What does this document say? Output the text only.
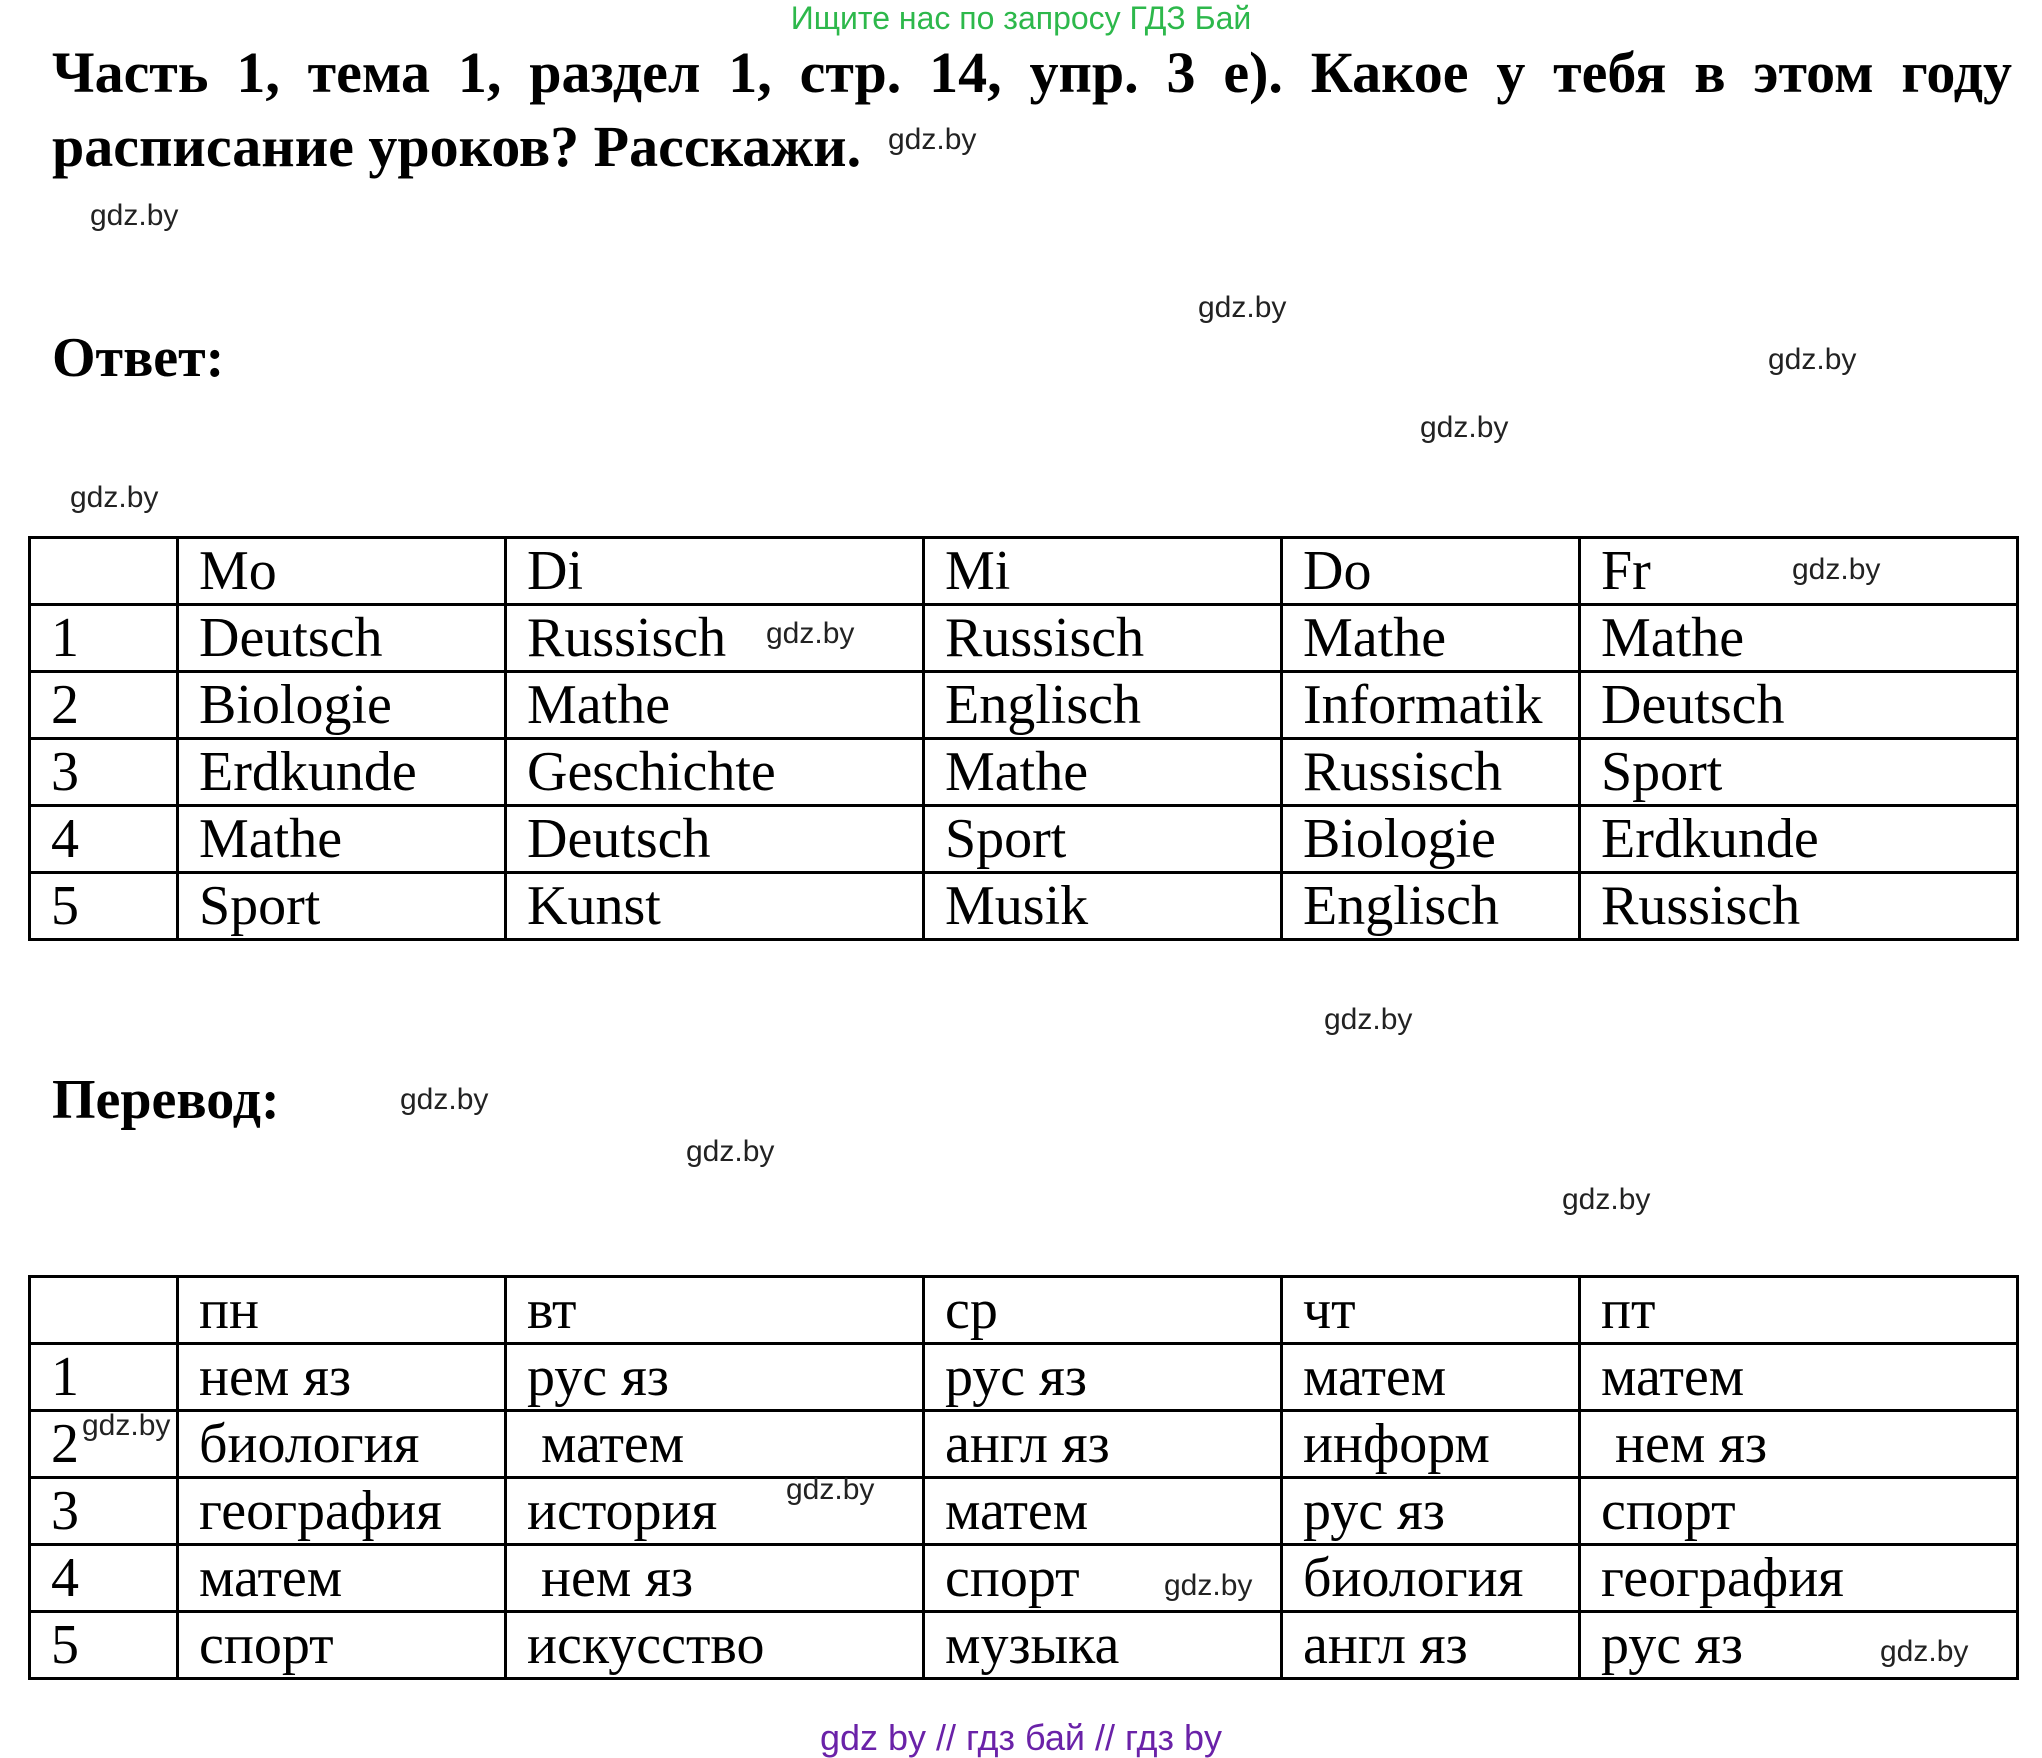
Ищите нас по запросу ГДЗ Бай
Часть 1, тема 1, раздел 1, стр. 14, упр. 3 е). Какое у тебя в этом году расписание уроков? Расскажи.
Ответ:
	Mo	Di	Mi	Do	Fr
1	Deutsch	Russisch	Russisch	Mathe	Mathe
2	Biologie	Mathe	Englisch	Informatik	Deutsch
3	Erdkunde	Geschichte	Mathe	Russisch	Sport
4	Mathe	Deutsch	Sport	Biologie	Erdkunde
5	Sport	Kunst	Musik	Englisch	Russisch
Перевод:
	пн	вт	ср	чт	пт
1	нем яз	рус яз	рус яз	матем	матем
2	биология	матем	англ яз	информ	нем яз
3	география	история	матем	рус яз	спорт
4	матем	нем яз	спорт	биология	география
5	спорт	искусство	музыка	англ яз	рус яз
gdz.by
gdz.by
gdz.by
gdz.by
gdz.by
gdz.by
gdz.by
gdz.by
gdz.by
gdz.by
gdz.by
gdz.by
gdz.by
gdz.by
gdz.by
gdz.by
gdz by // гдз бай // гдз by
